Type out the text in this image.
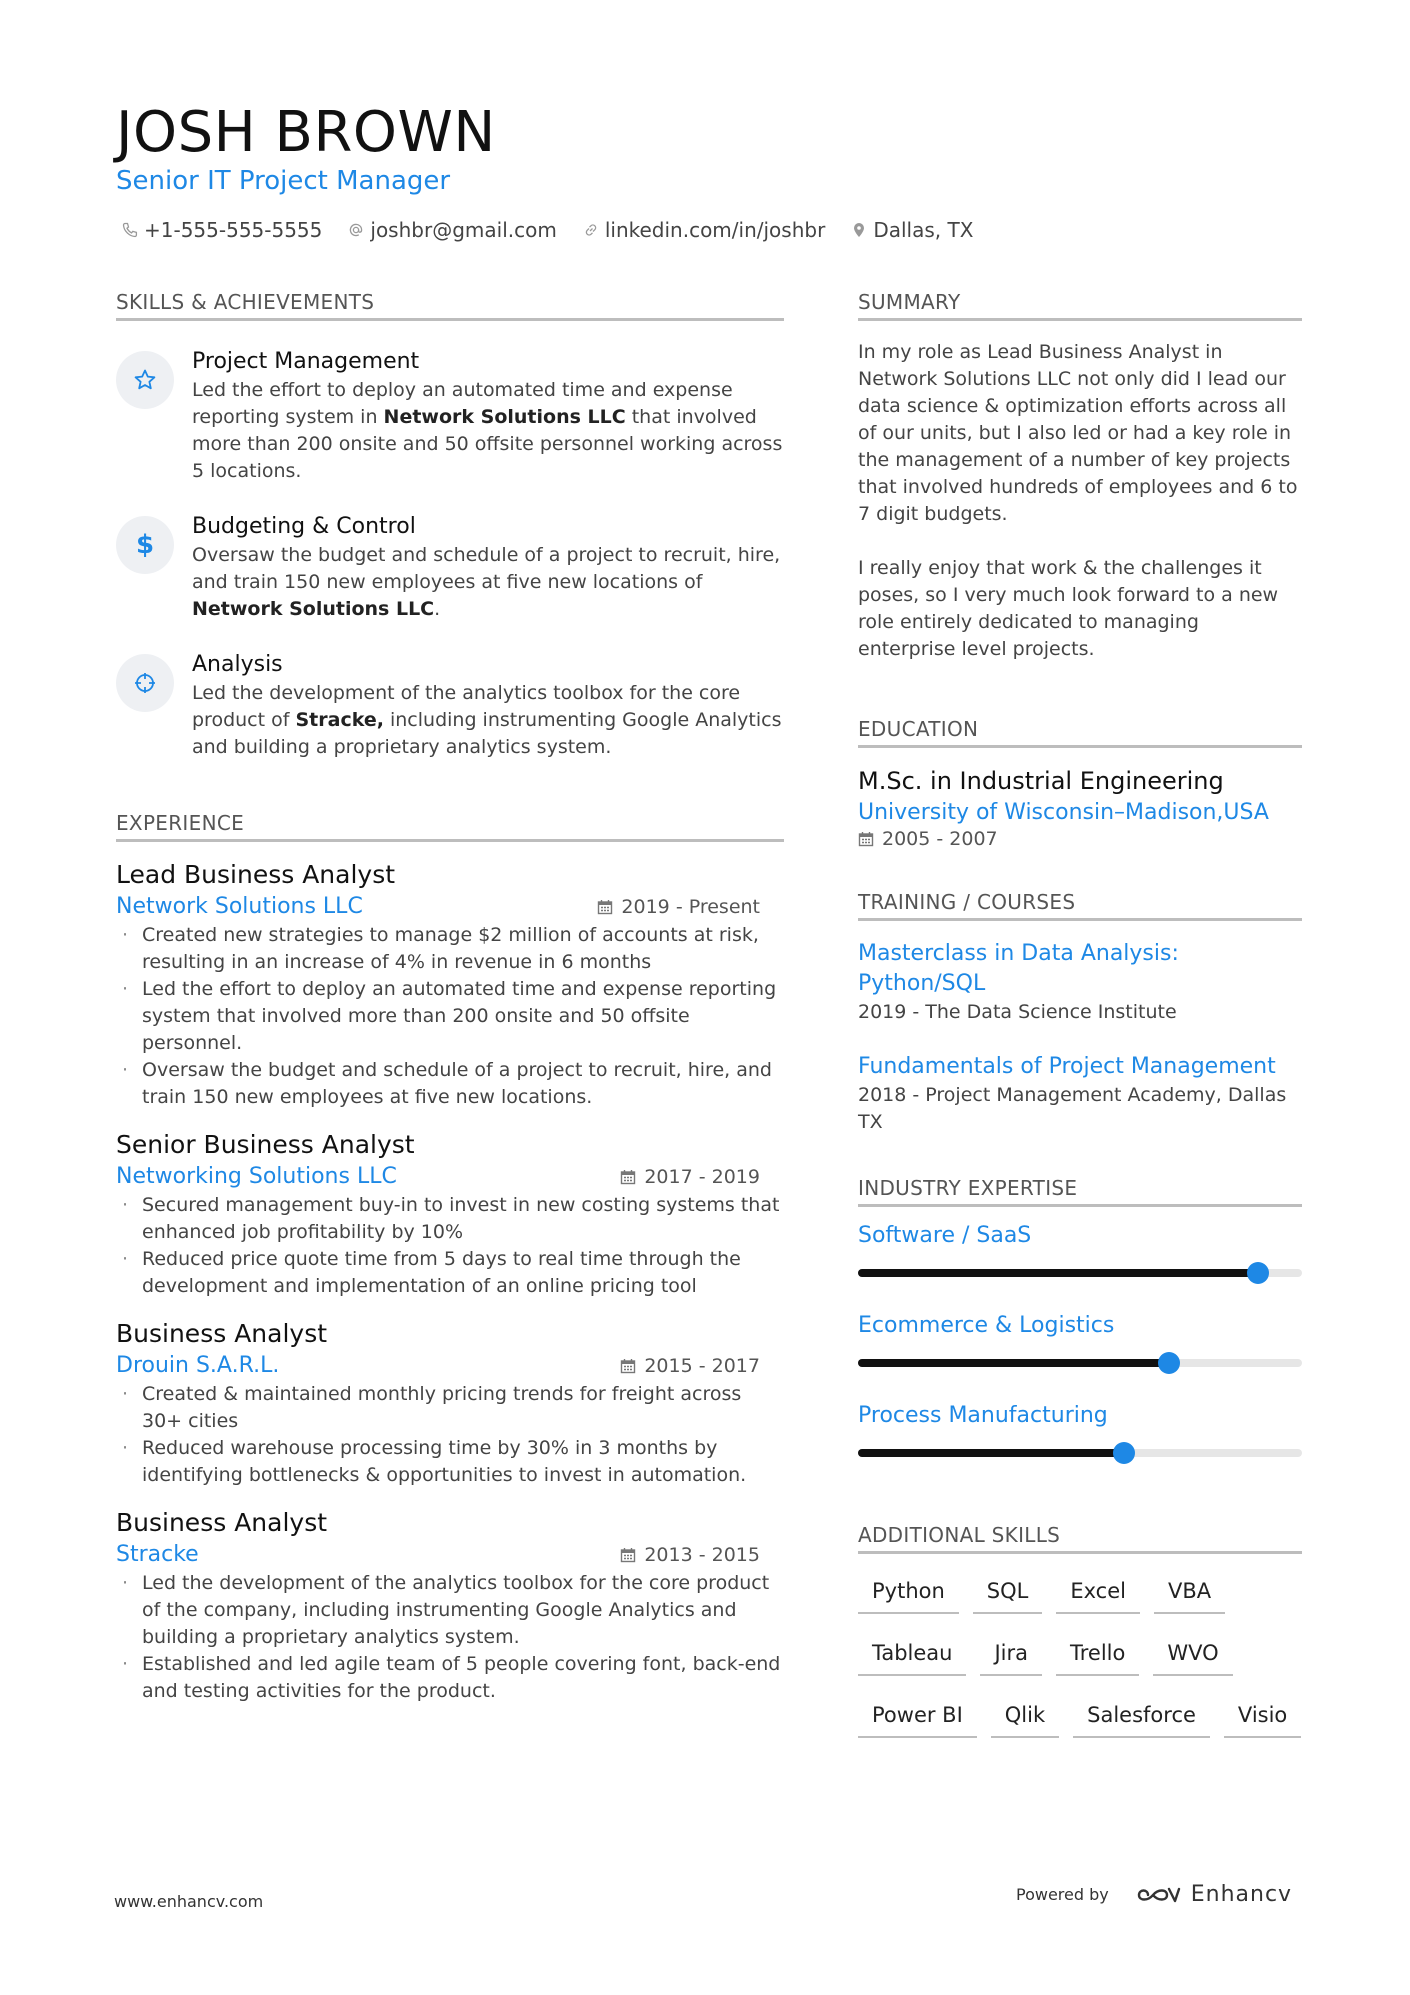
JOSH BROWN
Senior IT Project Manager
+1-555-555-5555 joshbr@gmail.com linkedin.com/in/joshbr Dallas, TX
SKILLS & ACHIEVEMENTS
Project Management
Led the effort to deploy an automated time and expense reporting system in Network Solutions LLC that involved more than 200 onsite and 50 offsite personnel working across 5 locations.
$
Budgeting & Control
Oversaw the budget and schedule of a project to recruit, hire, and train 150 new employees at five new locations of Network Solutions LLC.
Analysis
Led the development of the analytics toolbox for the core product of Stracke, including instrumenting Google Analytics and building a proprietary analytics system.
EXPERIENCE
Lead Business Analyst
Network Solutions LLC	2019 - Present
· Created new strategies to manage $2 million of accounts at risk, resulting in an increase of 4% in revenue in 6 months
· Led the effort to deploy an automated time and expense reporting system that involved more than 200 onsite and 50 offsite personnel.
· Oversaw the budget and schedule of a project to recruit, hire, and train 150 new employees at five new locations.
Senior Business Analyst
Networking Solutions LLC	2017 - 2019
· Secured management buy-in to invest in new costing systems that enhanced job profitability by 10%
· Reduced price quote time from 5 days to real time through the development and implementation of an online pricing tool
Business Analyst
Drouin S.A.R.L.	2015 - 2017
· Created & maintained monthly pricing trends for freight across 30+ cities
· Reduced warehouse processing time by 30% in 3 months by identifying bottlenecks & opportunities to invest in automation.
Business Analyst
Stracke	2013 - 2015
· Led the development of the analytics toolbox for the core product of the company, including instrumenting Google Analytics and building a proprietary analytics system.
· Established and led agile team of 5 people covering font, back-end and testing activities for the product.
SUMMARY

In my role as Lead Business Analyst in Network Solutions LLC not only did I lead our data science & optimization efforts across all of our units, but I also led or had a key role in the management of a number of key projects that involved hundreds of employees and 6 to 7 digit budgets.

I really enjoy that work & the challenges it poses, so I very much look forward to a new role entirely dedicated to managing enterprise level projects.

EDUCATION
M.Sc. in Industrial Engineering
University of Wisconsin–Madison,USA
2005 - 2007
TRAINING / COURSES
Masterclass in Data Analysis: Python/SQL
2019 - The Data Science Institute
Fundamentals of Project Management
2018 - Project Management Academy, Dallas TX
INDUSTRY EXPERTISE
Software / SaaS
Ecommerce & Logistics
Process Manufacturing
ADDITIONAL SKILLS
Python	SQL	Excel	VBA
Tableau	Jira	Trello	WVO
Power BI	Qlik	Salesforce	Visio
www.enhancv.com	Powered by	Enhancv
